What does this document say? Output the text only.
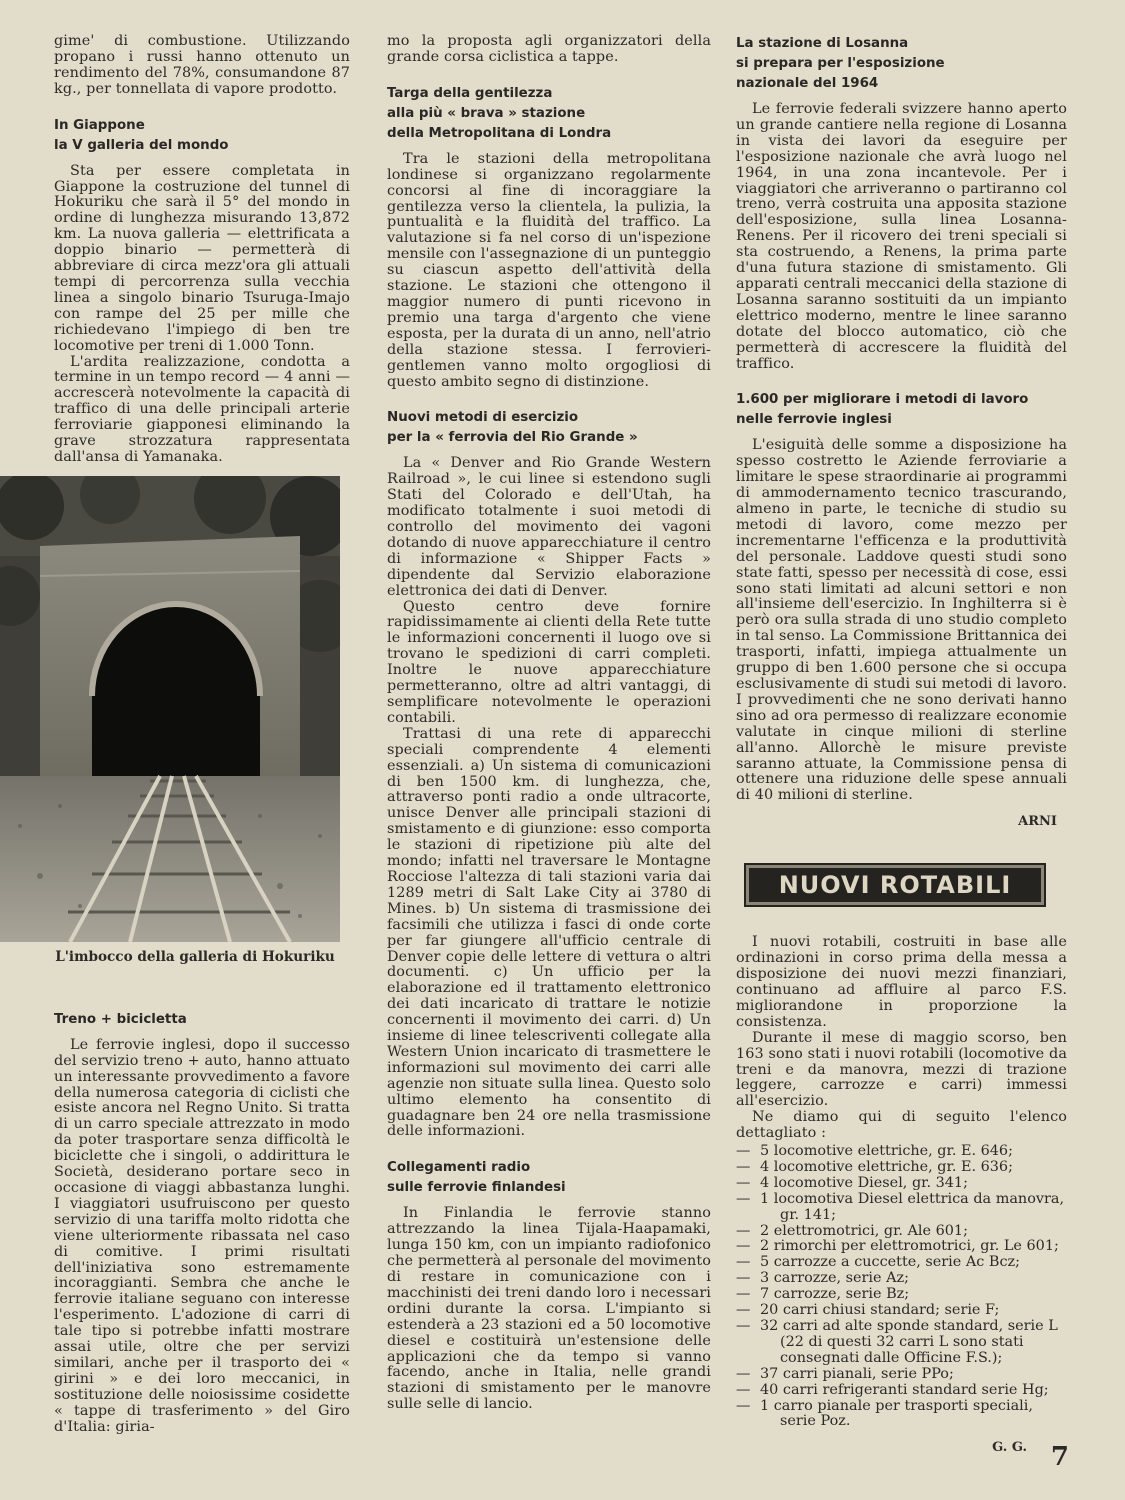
gime' di combustione. Utilizzando propano i russi hanno ottenuto un rendimento del 78%, consumandone 87 kg., per tonnellata di vapore prodotto.

In Giappone
la V galleria del mondo

Sta per essere completata in Giappone la costruzione del tunnel di Hokuriku che sarà il 5° del mondo in ordine di lunghezza misurando 13,872 km. La nuova galleria — elettrificata a doppio binario — permetterà di abbreviare di circa mezz'ora gli attuali tempi di percorrenza sulla vecchia linea a singolo binario Tsuruga-Imajo con rampe del 25 per mille che richiedevano l'impiego di ben tre locomotive per treni di 1.000 Tonn.

L'ardita realizzazione, condotta a termine in un tempo record — 4 anni — accrescerà notevolmente la capacità di traffico di una delle principali arterie ferroviarie giapponesi eliminando la grave strozzatura rappresentata dall'ansa di Yamanaka.

L'imbocco della galleria di Hokuriku
Treno + bicicletta

Le ferrovie inglesi, dopo il successo del servizio treno + auto, hanno attuato un interessante provvedimento a favore della numerosa categoria di ciclisti che esiste ancora nel Regno Unito. Si tratta di un carro speciale attrezzato in modo da poter trasportare senza difficoltà le biciclette che i singoli, o addirittura le Società, desiderano portare seco in occasione di viaggi abbastanza lunghi. I viaggiatori usufruiscono per questo servizio di una tariffa molto ridotta che viene ulteriormente ribassata nel caso di comitive. I primi risultati dell'iniziativa sono estremamente incoraggianti. Sembra che anche le ferrovie italiane seguano con interesse l'esperimento. L'adozione di carri di tale tipo si potrebbe infatti mostrare assai utile, oltre che per servizi similari, anche per il trasporto dei « girini » e dei loro meccanici, in sostituzione delle noiosissime cosidette « tappe di trasferimento » del Giro d'Italia: giria-

mo la proposta agli organizzatori della grande corsa ciclistica a tappe.

Targa della gentilezza
alla più « brava » stazione
della Metropolitana di Londra

Tra le stazioni della metropolitana londinese si organizzano regolarmente concorsi al fine di incoraggiare la gentilezza verso la clientela, la pulizia, la puntualità e la fluidità del traffico. La valutazione si fa nel corso di un'ispezione mensile con l'assegnazione di un punteggio su ciascun aspetto dell'attività della stazione. Le stazioni che ottengono il maggior numero di punti ricevono in premio una targa d'argento che viene esposta, per la durata di un anno, nell'atrio della stazione stessa. I ferrovieri-gentlemen vanno molto orgogliosi di questo ambito segno di distinzione.

Nuovi metodi di esercizio
per la « ferrovia del Rio Grande »

La « Denver and Rio Grande Western Railroad », le cui linee si estendono sugli Stati del Colorado e dell'Utah, ha modificato totalmente i suoi metodi di controllo del movimento dei vagoni dotando di nuove apparecchiature il centro di informazione « Shipper Facts » dipendente dal Servizio elaborazione elettronica dei dati di Denver.

Questo centro deve fornire rapidissimamente ai clienti della Rete tutte le informazioni concernenti il luogo ove si trovano le spedizioni di carri completi. Inoltre le nuove apparecchiature permetteranno, oltre ad altri vantaggi, di semplificare notevolmente le operazioni contabili.

Trattasi di una rete di apparecchi speciali comprendente 4 elementi essenziali. a) Un sistema di comunicazioni di ben 1500 km. di lunghezza, che, attraverso ponti radio a onde ultracorte, unisce Denver alle principali stazioni di smistamento e di giunzione: esso comporta le stazioni di ripetizione più alte del mondo; infatti nel traversare le Montagne Rocciose l'altezza di tali stazioni varia dai 1289 metri di Salt Lake City ai 3780 di Mines. b) Un sistema di trasmissione dei facsimili che utilizza i fasci di onde corte per far giungere all'ufficio centrale di Denver copie delle lettere di vettura o altri documenti. c) Un ufficio per la elaborazione ed il trattamento elettronico dei dati incaricato di trattare le notizie concernenti il movimento dei carri. d) Un insieme di linee telescriventi collegate alla Western Union incaricato di trasmettere le informazioni sul movimento dei carri alle agenzie non situate sulla linea. Questo solo ultimo elemento ha consentito di guadagnare ben 24 ore nella trasmissione delle informazioni.

Collegamenti radio
sulle ferrovie finlandesi

In Finlandia le ferrovie stanno attrezzando la linea Tijala-Haapamaki, lunga 150 km, con un impianto radiofonico che permetterà al personale del movimento di restare in comunicazione con i macchinisti dei treni dando loro i necessari ordini durante la corsa. L'impianto si estenderà a 23 stazioni ed a 50 locomotive diesel e costituirà un'estensione delle applicazioni che da tempo si vanno facendo, anche in Italia, nelle grandi stazioni di smistamento per le manovre sulle selle di lancio.

La stazione di Losanna
si prepara per l'esposizione
nazionale del 1964

Le ferrovie federali svizzere hanno aperto un grande cantiere nella regione di Losanna in vista dei lavori da eseguire per l'esposizione nazionale che avrà luogo nel 1964, in una zona incantevole. Per i viaggiatori che arriveranno o partiranno col treno, verrà costruita una apposita stazione dell'esposizione, sulla linea Losanna-Renens. Per il ricovero dei treni speciali si sta costruendo, a Renens, la prima parte d'una futura stazione di smistamento. Gli apparati centrali meccanici della stazione di Losanna saranno sostituiti da un impianto elettrico moderno, mentre le linee saranno dotate del blocco automatico, ciò che permetterà di accrescere la fluidità del traffico.

1.600 per migliorare i metodi di lavoro
nelle ferrovie inglesi

L'esiguità delle somme a disposizione ha spesso costretto le Aziende ferroviarie a limitare le spese straordinarie ai programmi di ammodernamento tecnico trascurando, almeno in parte, le tecniche di studio su metodi di lavoro, come mezzo per incrementarne l'efficenza e la produttività del personale. Laddove questi studi sono state fatti, spesso per necessità di cose, essi sono stati limitati ad alcuni settori e non all'insieme dell'esercizio. In Inghilterra si è però ora sulla strada di uno studio completo in tal senso. La Commissione Brittannica dei trasporti, infatti, impiega attualmente un gruppo di ben 1.600 persone che si occupa esclusivamente di studi sui metodi di lavoro. I provvedimenti che ne sono derivati hanno sino ad ora permesso di realizzare economie valutate in cinque milioni di sterline all'anno. Allorchè le misure previste saranno attuate, la Commissione pensa di ottenere una riduzione delle spese annuali di 40 milioni di sterline.

ARNI
NUOVI ROTABILI

I nuovi rotabili, costruiti in base alle ordinazioni in corso prima della messa a disposizione dei nuovi mezzi finanziari, continuano ad affluire al parco F.S. migliorandone in proporzione la consistenza.

Durante il mese di maggio scorso, ben 163 sono stati i nuovi rotabili (locomotive da treni e da manovra, mezzi di trazione leggere, carrozze e carri) immessi all'esercizio.

Ne diamo qui di seguito l'elenco dettagliato :

— 5 locomotive elettriche, gr. E. 646;
— 4 locomotive elettriche, gr. E. 636;
— 4 locomotive Diesel, gr. 341;
— 1 locomotiva Diesel elettrica da manovra, gr. 141;
— 2 elettromotrici, gr. Ale 601;
— 2 rimorchi per elettromotrici, gr. Le 601;
— 5 carrozze a cuccette, serie Ac Bcz;
— 3 carrozze, serie Az;
— 7 carrozze, serie Bz;
— 20 carri chiusi standard; serie F;
— 32 carri ad alte sponde standard, serie L (22 di questi 32 carri L sono stati consegnati dalle Officine F.S.);
— 37 carri pianali, serie PPo;
— 40 carri refrigeranti standard serie Hg;
— 1 carro pianale per trasporti speciali, serie Poz.
G. G. 7
